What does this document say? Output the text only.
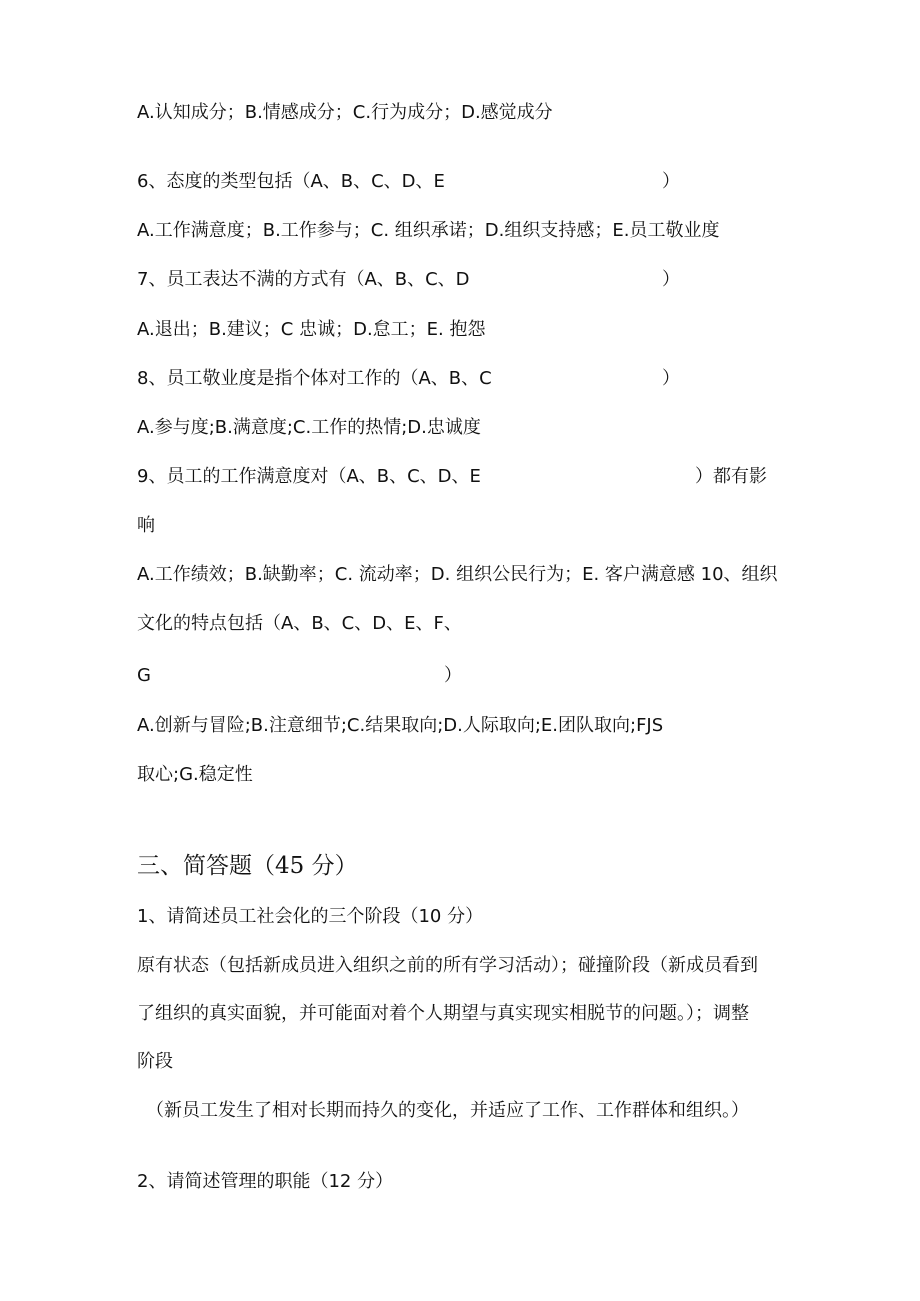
A.认知成分；B.情感成分；C.行为成分；D.感觉成分
6、态度的类型包括（A、B、C、D、E	）
A.工作满意度；B.工作参与；C. 组织承诺；D.组织支持感；E.员工敬业度
7、员工表达不满的方式有（A、B、C、D	）
A.退出；B.建议；C 忠诚；D.怠工；E. 抱怨
8、员工敬业度是指个体对工作的（A、B、C	）
A.参与度;B.满意度;C.工作的热情;D.忠诚度
9、员工的工作满意度对（A、B、C、D、E	）都有影
响
A.工作绩效；B.缺勤率；C. 流动率；D. 组织公民行为；E. 客户满意感 10、组织
文化的特点包括（A、B、C、D、E、F、
G	）
A.创新与冒险;B.注意细节;C.结果取向;D.人际取向;E.团队取向;FJS
取心;G.稳定性
三、简答题（45 分）
1、请简述员工社会化的三个阶段（10 分）
原有状态（包括新成员进入组织之前的所有学习活动）；碰撞阶段（新成员看到
了组织的真实面貌，并可能面对着个人期望与真实现实相脱节的问题。）；调整
阶段
（新员工发生了相对长期而持久的变化，并适应了工作、工作群体和组织。）
2、请简述管理的职能（12 分）
